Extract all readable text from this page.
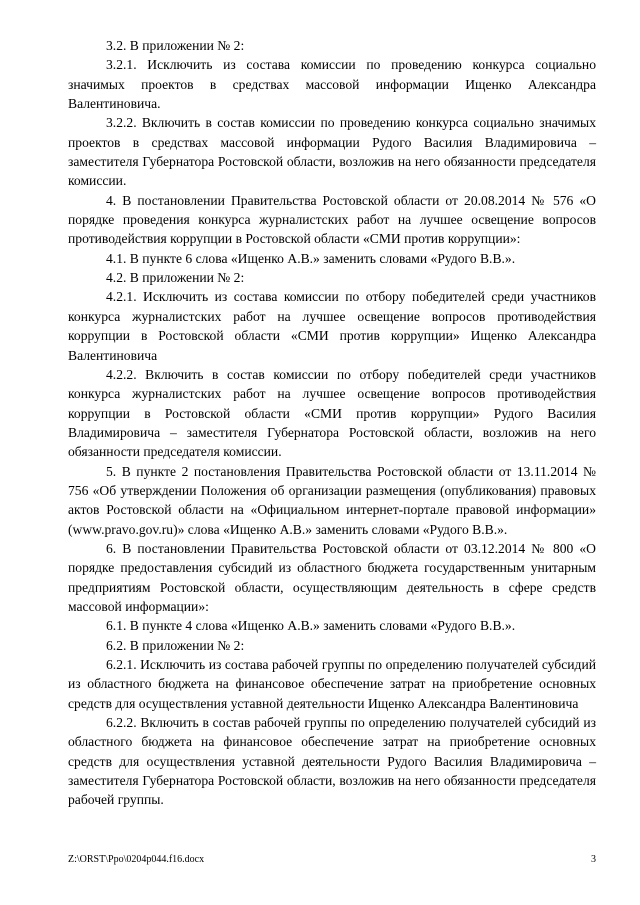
3.2. В приложении № 2:

3.2.1. Исключить из состава комиссии по проведению конкурса социально значимых проектов в средствах массовой информации Ищенко Александра Валентиновича.

3.2.2. Включить в состав комиссии по проведению конкурса социально значимых проектов в средствах массовой информации Рудого Василия Владимировича – заместителя Губернатора Ростовской области, возложив на него обязанности председателя комиссии.

4. В постановлении Правительства Ростовской области от 20.08.2014 № 576 «О порядке проведения конкурса журналистских работ на лучшее освещение вопросов противодействия коррупции в Ростовской области «СМИ против коррупции»:

4.1. В пункте 6 слова «Ищенко А.В.» заменить словами «Рудого В.В.».

4.2. В приложении № 2:

4.2.1. Исключить из состава комиссии по отбору победителей среди участников конкурса журналистских работ на лучшее освещение вопросов противодействия коррупции в Ростовской области «СМИ против коррупции» Ищенко Александра Валентиновича

4.2.2. Включить в состав комиссии по отбору победителей среди участников конкурса журналистских работ на лучшее освещение вопросов противодействия коррупции в Ростовской области «СМИ против коррупции» Рудого Василия Владимировича – заместителя Губернатора Ростовской области, возложив на него обязанности председателя комиссии.

5. В пункте 2 постановления Правительства Ростовской области от 13.11.2014 № 756 «Об утверждении Положения об организации размещения (опубликования) правовых актов Ростовской области на «Официальном интернет-портале правовой информации» (www.pravo.gov.ru)» слова «Ищенко А.В.» заменить словами «Рудого В.В.».

6. В постановлении Правительства Ростовской области от 03.12.2014 № 800 «О порядке предоставления субсидий из областного бюджета государственным унитарным предприятиям Ростовской области, осуществляющим деятельность в сфере средств массовой информации»:

6.1. В пункте 4 слова «Ищенко А.В.» заменить словами «Рудого В.В.».

6.2. В приложении № 2:

6.2.1. Исключить из состава рабочей группы по определению получателей субсидий из областного бюджета на финансовое обеспечение затрат на приобретение основных средств для осуществления уставной деятельности Ищенко Александра Валентиновича

6.2.2. Включить в состав рабочей группы по определению получателей субсидий из областного бюджета на финансовое обеспечение затрат на приобретение основных средств для осуществления уставной деятельности Рудого Василия Владимировича – заместителя Губернатора Ростовской области, возложив на него обязанности председателя рабочей группы.

Z:\ORST\Ppo\0204p044.f16.docx	3
